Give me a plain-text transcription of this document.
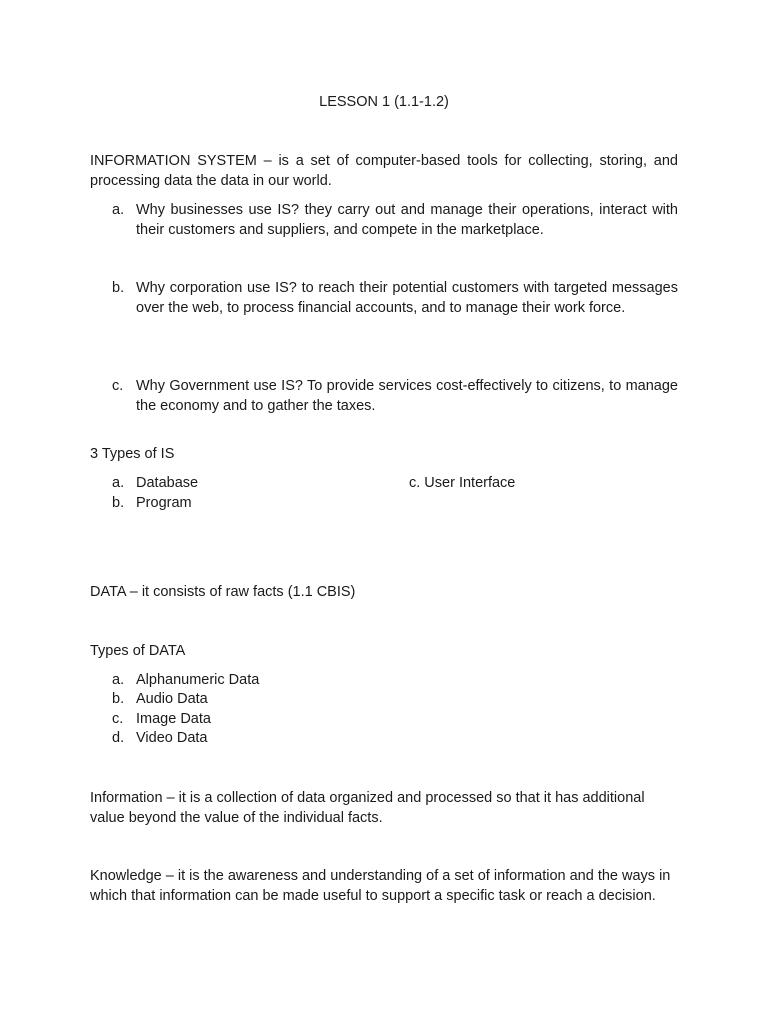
LESSON 1 (1.1-1.2)
INFORMATION SYSTEM – is a set of computer-based tools for collecting, storing, and processing data the data in our world.
a. Why businesses use IS? they carry out and manage their operations, interact with their customers and suppliers, and compete in the marketplace.
b. Why corporation use IS? to reach their potential customers with targeted messages over the web, to process financial accounts, and to manage their work force.
c. Why Government use IS? To provide services cost-effectively to citizens, to manage the economy and to gather the taxes.
3 Types of IS
a. Database	c. User Interface
b. Program
DATA – it consists of raw facts (1.1 CBIS)
Types of DATA
a. Alphanumeric Data
b. Audio Data
c. Image Data
d. Video Data
Information – it is a collection of data organized and processed so that it has additional value beyond the value of the individual facts.
Knowledge – it is the awareness and understanding of a set of information and the ways in which that information can be made useful to support a specific task or reach a decision.
